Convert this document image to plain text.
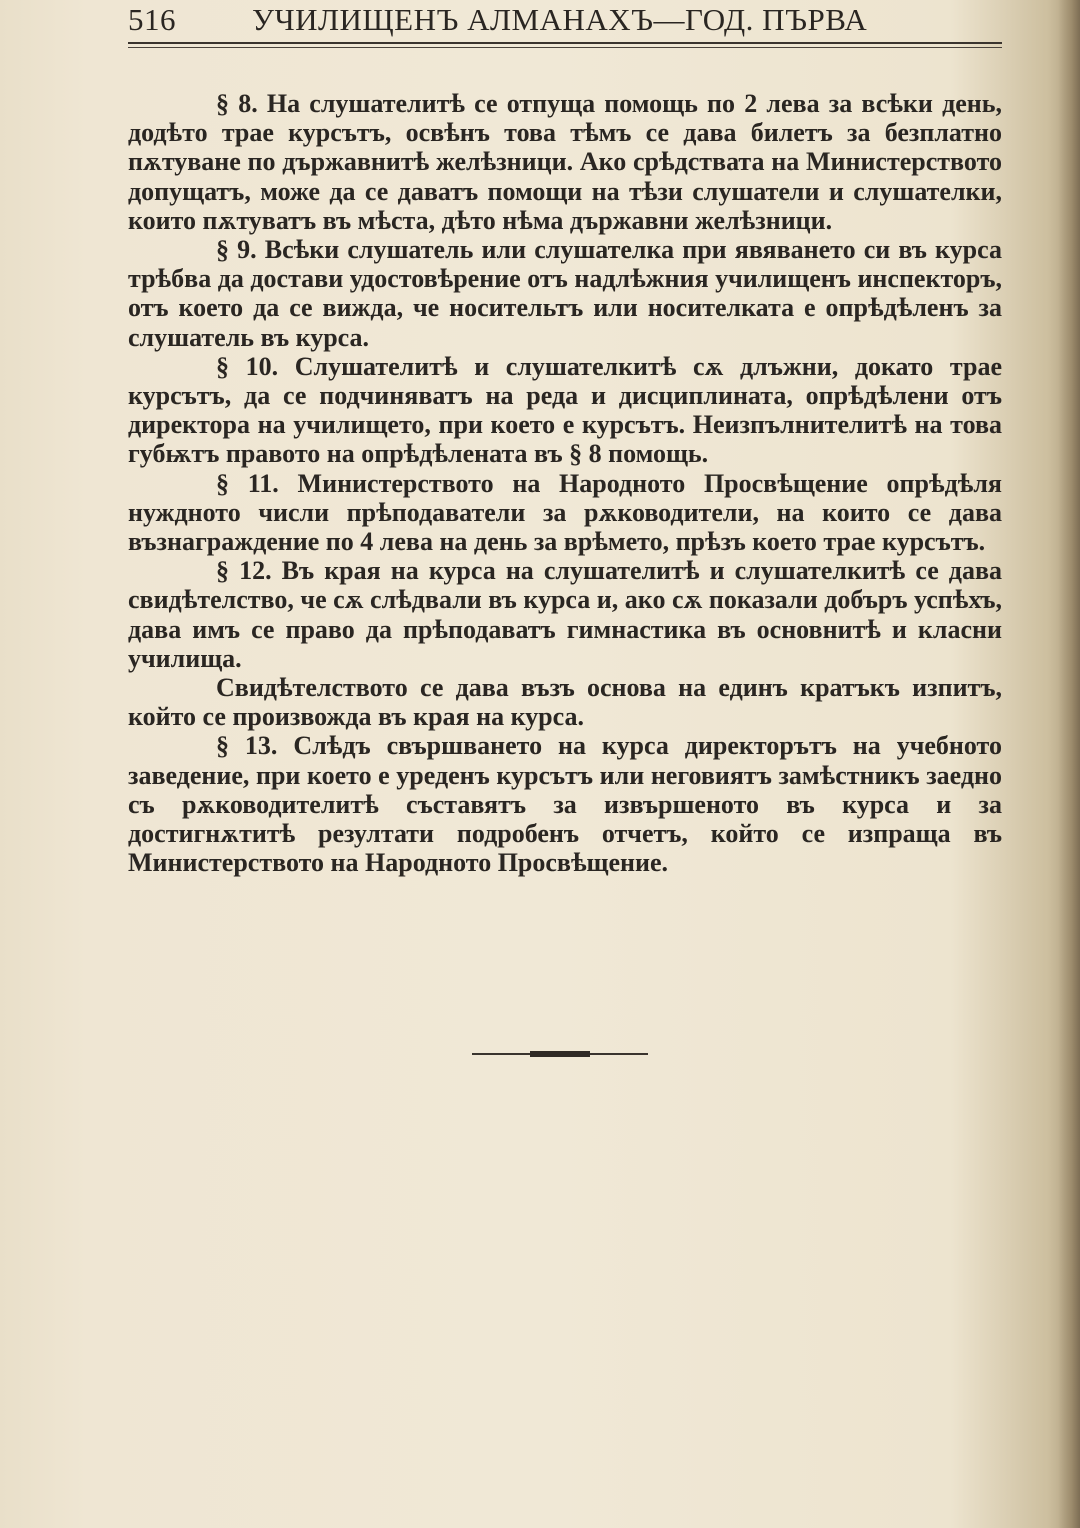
516	УЧИЛИЩЕНЪ АЛМАНАХЪ—ГОД. ПЪРВА

§ 8. На слушателитѣ се отпуща помощь по 2 лева за всѣки день, додѣто трае курсътъ, освѣнъ това тѣмъ се дава билетъ за безплатно пѫтуване по държавнитѣ желѣзници. Ако срѣдствата на Министерството допущатъ, може да се даватъ помощи на тѣзи слушатели и слушателки, които пѫтуватъ въ мѣста, дѣто нѣма държавни желѣзници.

§ 9. Всѣки слушатель или слушателка при явяването си въ курса трѣбва да достави удостовѣрение отъ надлѣжния училищенъ инспекторъ, отъ което да се вижда, че носительтъ или носителката е опрѣдѣленъ за слушатель въ курса.

§ 10. Слушателитѣ и слушателкитѣ сѫ длъжни, докато трае курсътъ, да се подчиняватъ на реда и дисциплината, опрѣдѣлени отъ директора на училището, при което е курсътъ. Неизпълнителитѣ на това губѭтъ правото на опрѣдѣлената въ § 8 помощь.

§ 11. Министерството на Народното Просвѣщение опрѣдѣля нуждното числи прѣподаватели за рѫководители, на които се дава възнаграждение по 4 лева на день за врѣмето, прѣзъ което трае курсътъ.

§ 12. Въ края на курса на слушателитѣ и слушателкитѣ се дава свидѣтелство, че сѫ слѣдвали въ курса и, ако сѫ показали добъръ успѣхъ, дава имъ се право да прѣподаватъ гимнастика въ основнитѣ и класни училища.

Свидѣтелството се дава възъ основа на единъ кратъкъ изпитъ, който се произвожда въ края на курса.

§ 13. Слѣдъ свършването на курса директорътъ на учебното заведение, при което е уреденъ курсътъ или неговиятъ замѣстникъ заедно съ рѫководителитѣ съставятъ за извършеното въ курса и за достигнѫтитѣ резултати подробенъ отчетъ, който се изпраща въ Министерството на Народното Просвѣщение.
